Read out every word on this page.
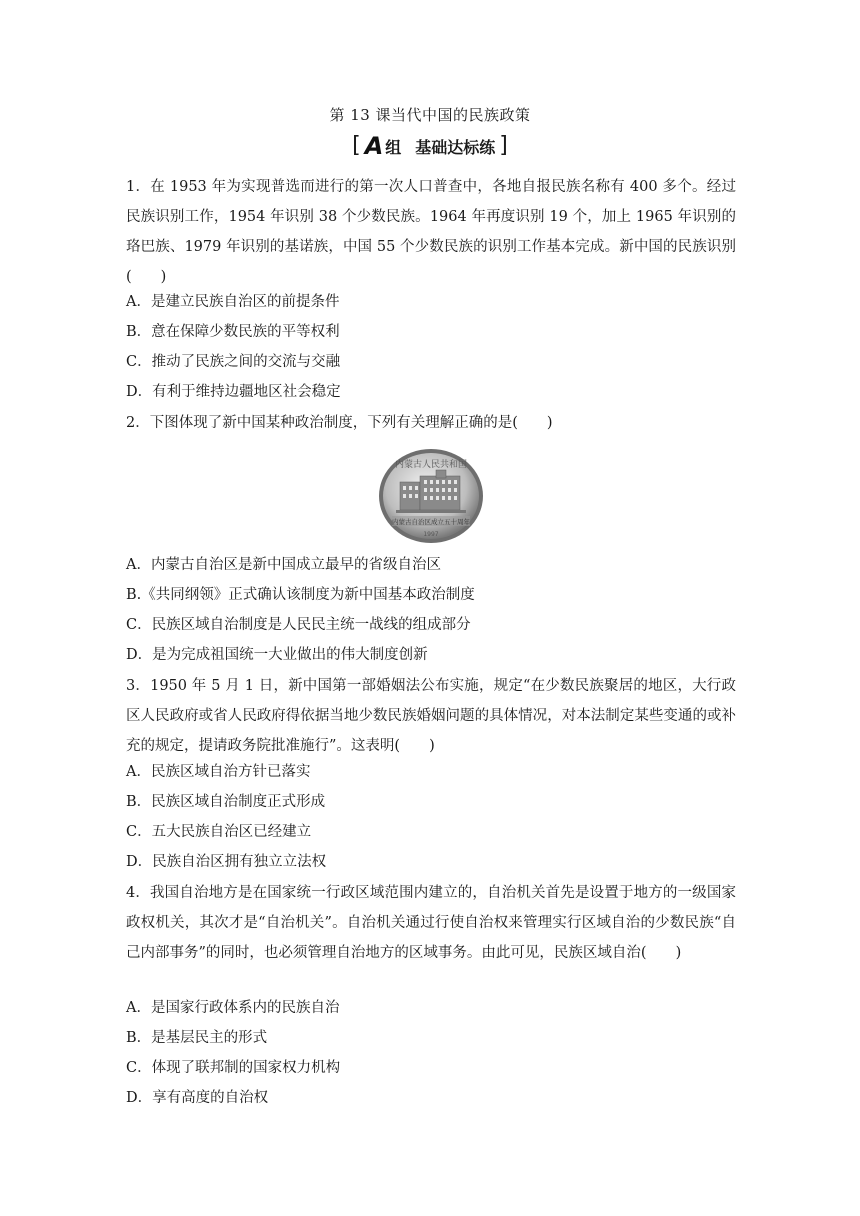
第 13 课当代中国的民族政策
[ A 组 基础达标练 ]
1．在 1953 年为实现普选而进行的第一次人口普查中，各地自报民族名称有 400 多个。经过民族识别工作，1954 年识别 38 个少数民族。1964 年再度识别 19 个，加上 1965 年识别的珞巴族、1979 年识别的基诺族，中国 55 个少数民族的识别工作基本完成。新中国的民族识别(　　)
A．是建立民族自治区的前提条件
B．意在保障少数民族的平等权利
C．推动了民族之间的交流与交融
D．有利于维持边疆地区社会稳定
2．下图体现了新中国某种政治制度，下列有关理解正确的是(　　)
A．内蒙古自治区是新中国成立最早的省级自治区
B.《共同纲领》正式确认该制度为新中国基本政治制度
C．民族区域自治制度是人民民主统一战线的组成部分
D．是为完成祖国统一大业做出的伟大制度创新
3．1950 年 5 月 1 日，新中国第一部婚姻法公布实施，规定“在少数民族聚居的地区，大行政区人民政府或省人民政府得依据当地少数民族婚姻问题的具体情况，对本法制定某些变通的或补充的规定，提请政务院批准施行”。这表明(　　)
A．民族区域自治方针已落实
B．民族区域自治制度正式形成
C．五大民族自治区已经建立
D．民族自治区拥有独立立法权
4．我国自治地方是在国家统一行政区域范围内建立的，自治机关首先是设置于地方的一级国家政权机关，其次才是“自治机关”。自治机关通过行使自治权来管理实行区域自治的少数民族“自己内部事务”的同时，也必须管理自治地方的区域事务。由此可见，民族区域自治(　　)
A．是国家行政体系内的民族自治
B．是基层民主的形式
C．体现了联邦制的国家权力机构
D．享有高度的自治权
内蒙古人民共和国
内蒙古自治区成立五十周年
1997
